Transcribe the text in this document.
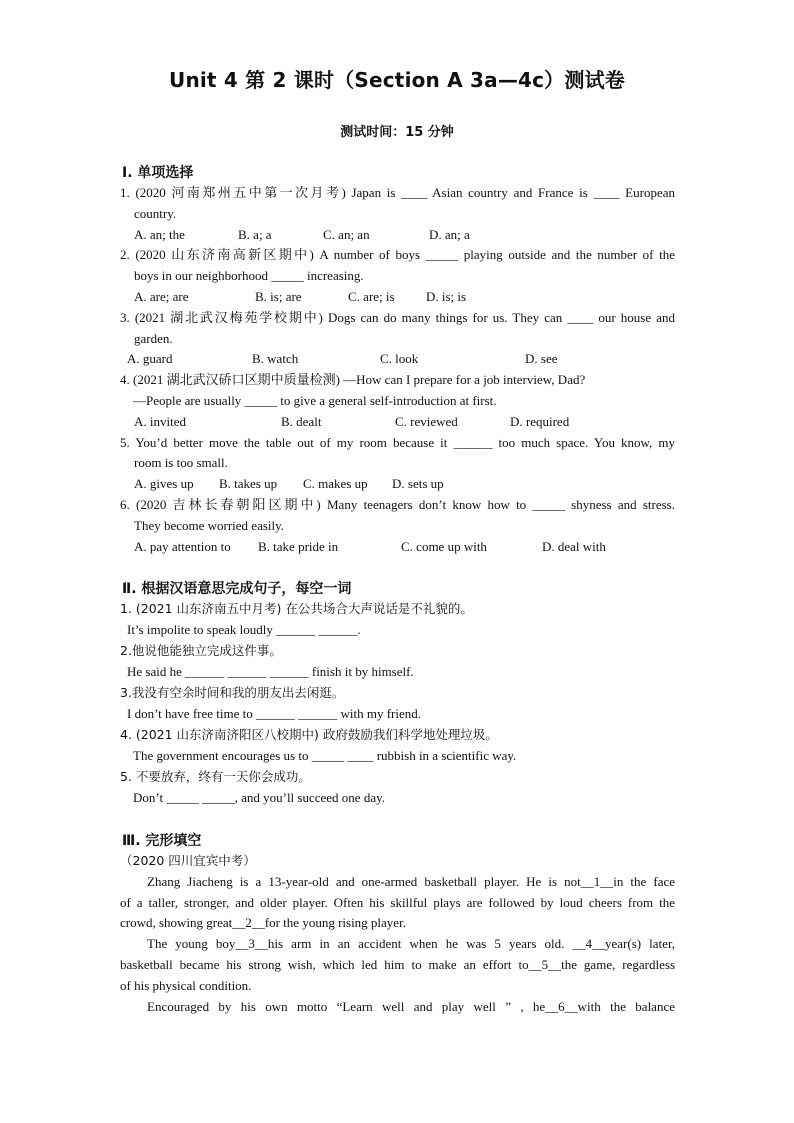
Unit 4 第 2 课时（Section A 3a—4c）测试卷
测试时间：15 分钟
Ⅰ. 单项选择
1. (2020 河南郑州五中第一次月考) Japan is ____ Asian country and France is ____ European
country.
A. an; the	B. a; a	C. an; an	D. an; a
2. (2020 山东济南高新区期中) A number of boys _____ playing outside and the number of the
boys in our neighborhood _____ increasing.
A. are; are	B. is; are	C. are; is D. is; is
3. (2021 湖北武汉梅苑学校期中) Dogs can do many things for us. They can ____ our house and
garden.
A. guard	B. watch	C. look	D. see
4. (2021 湖北武汉硚口区期中质量检测) —How can I prepare for a job interview, Dad?
—People are usually _____ to give a general self-introduction at first.
A. invited	B. dealt	C. reviewed	D. required
5. You’d better move the table out of my room because it ______ too much space. You know, my
room is too small.
A. gives up B. takes up C. makes up D. sets up
6. (2020 吉林长春朝阳区期中) Many teenagers don’t know how to _____ shyness and stress.
They become worried easily.
A. pay attention to B. take pride in	C. come up with	D. deal with
Ⅱ. 根据汉语意思完成句子，每空一词
1. (2021 山东济南五中月考) 在公共场合大声说话是不礼貌的。
It’s impolite to speak loudly ______ ______.
2.他说他能独立完成这件事。
He said he ______ ______ ______ finish it by himself.
3.我没有空余时间和我的朋友出去闲逛。
I don’t have free time to ______ ______ with my friend.
4. (2021 山东济南济阳区八校期中) 政府鼓励我们科学地处理垃圾。
The government encourages us to _____ ____ rubbish in a scientific way.
5. 不要放弃，终有一天你会成功。
Don’t _____ _____, and you’ll succeed one day.
Ⅲ. 完形填空
（2020 四川宜宾中考）
Zhang Jiacheng is a 13-year-old and one-armed basketball player. He is not__1__in the face
of a taller, stronger, and older player. Often his skillful plays are followed by loud cheers from the
crowd, showing great__2__for the young rising player.
The young boy__3__his arm in an accident when he was 5 years old. __4__year(s) later,
basketball became his strong wish, which led him to make an effort to__5__the game, regardless
of his physical condition.
Encouraged by his own motto “Learn well and play well ” , he__6__with the balance
